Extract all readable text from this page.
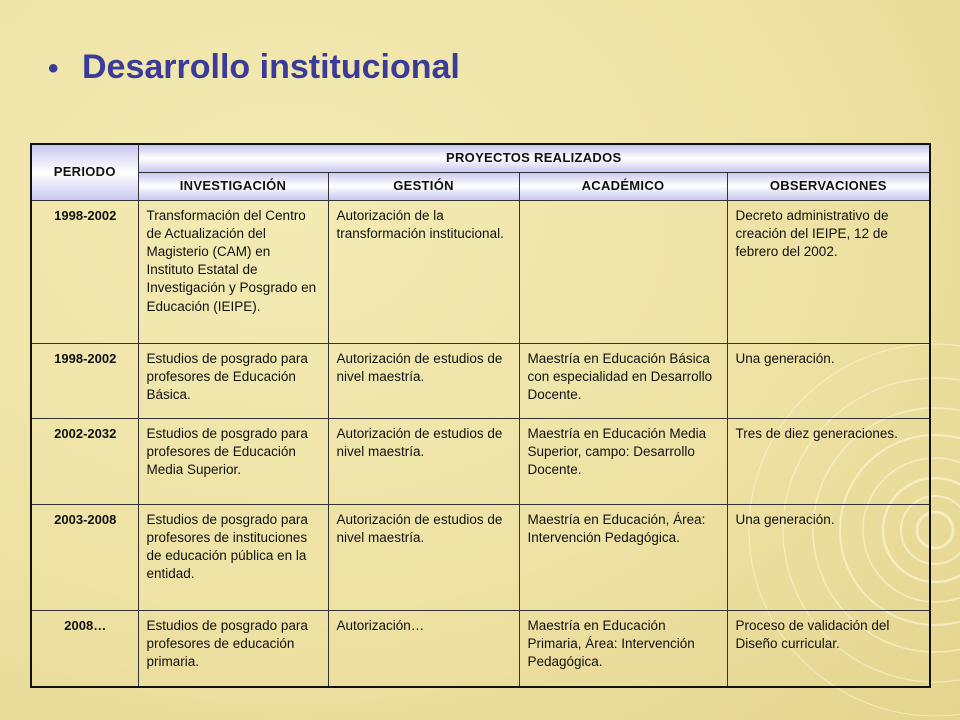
• Desarrollo institucional
PERIODO	PROYECTOS REALIZADOS			
	INVESTIGACIÓN	GESTIÓN	ACADÉMICO	OBSERVACIONES
1998-2002	Transformación del Centro de Actualización del Magisterio (CAM) en Instituto Estatal de Investigación y Posgrado en Educación (IEIPE).	Autorización de la transformación institucional.		Decreto administrativo de creación del IEIPE, 12 de febrero del 2002.
1998-2002	Estudios de posgrado para profesores de Educación Básica.	Autorización de estudios de nivel maestría.	Maestría en Educación Básica con especialidad en Desarrollo Docente.	Una generación.
2002-2032	Estudios de posgrado para profesores de Educación Media Superior.	Autorización de estudios de nivel maestría.	Maestría en Educación Media Superior, campo: Desarrollo Docente.	Tres de diez generaciones.
2003-2008	Estudios de posgrado para profesores de instituciones de educación pública en la entidad.	Autorización de estudios de nivel maestría.	Maestría en Educación, Área: Intervención Pedagógica.	Una generación.
2008…	Estudios de posgrado para profesores de educación primaria.	Autorización…	Maestría en Educación Primaria, Área: Intervención Pedagógica.	Proceso de validación del Diseño curricular.
